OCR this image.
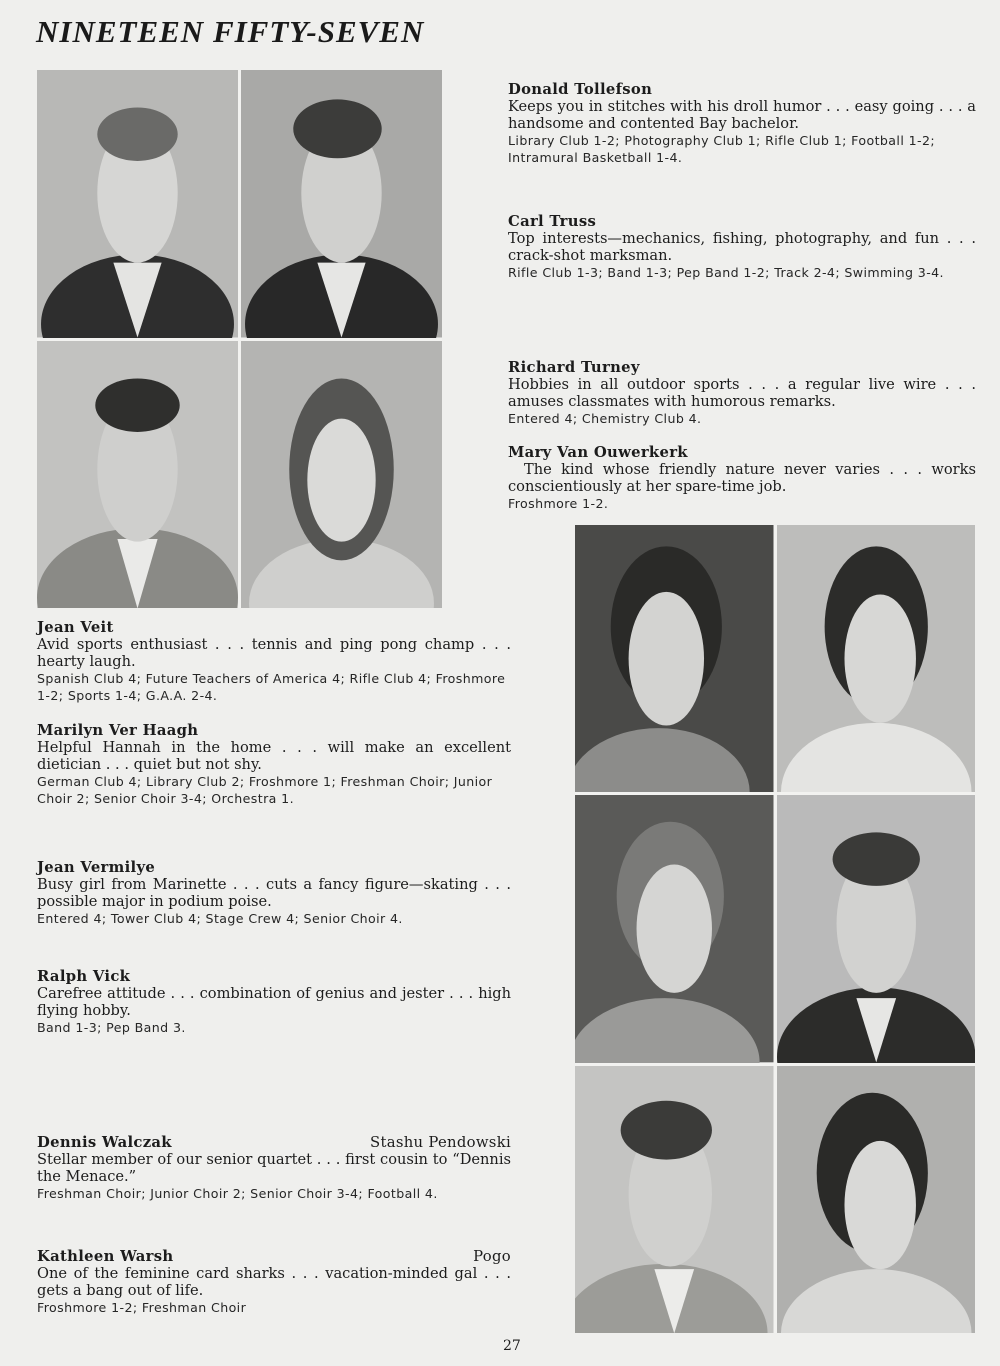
NINETEEN FIFTY-SEVEN
Donald Tollefson
Keeps you in stitches with his droll humor . . . easy going . . . a handsome and contented Bay bachelor.
Library Club 1-2; Photography Club 1; Rifle Club 1; Football 1-2; Intramural Basketball 1-4.
Carl Truss
Top interests—mechanics, fishing, photography, and fun . . . crack-shot marksman.
Rifle Club 1-3; Band 1-3; Pep Band 1-2; Track 2-4; Swimming 3-4.
Richard Turney
Hobbies in all outdoor sports . . . a regular live wire . . . amuses classmates with humorous remarks.
Entered 4; Chemistry Club 4.
Mary Van Ouwerkerk
The kind whose friendly nature never varies . . . works conscientiously at her spare-time job.
Froshmore 1-2.
Jean Veit
Avid sports enthusiast . . . tennis and ping pong champ . . . hearty laugh.
Spanish Club 4; Future Teachers of America 4; Rifle Club 4; Froshmore 1-2; Sports 1-4; G.A.A. 2-4.
Marilyn Ver Haagh
Helpful Hannah in the home . . . will make an excellent dietician . . . quiet but not shy.
German Club 4; Library Club 2; Froshmore 1; Freshman Choir; Junior Choir 2; Senior Choir 3-4; Orchestra 1.
Jean Vermilye
Busy girl from Marinette . . . cuts a fancy figure—skating . . . possible major in podium poise.
Entered 4; Tower Club 4; Stage Crew 4; Senior Choir 4.
Ralph Vick
Carefree attitude . . . combination of genius and jester . . . high flying hobby.
Band 1-3; Pep Band 3.
Dennis Walczak	Stashu Pendowski
Stellar member of our senior quartet . . . first cousin to “Dennis the Menace.”
Freshman Choir; Junior Choir 2; Senior Choir 3-4; Football 4.
Kathleen Warsh	Pogo
One of the feminine card sharks . . . vacation-minded gal . . . gets a bang out of life.
Froshmore 1-2; Freshman Choir
27
